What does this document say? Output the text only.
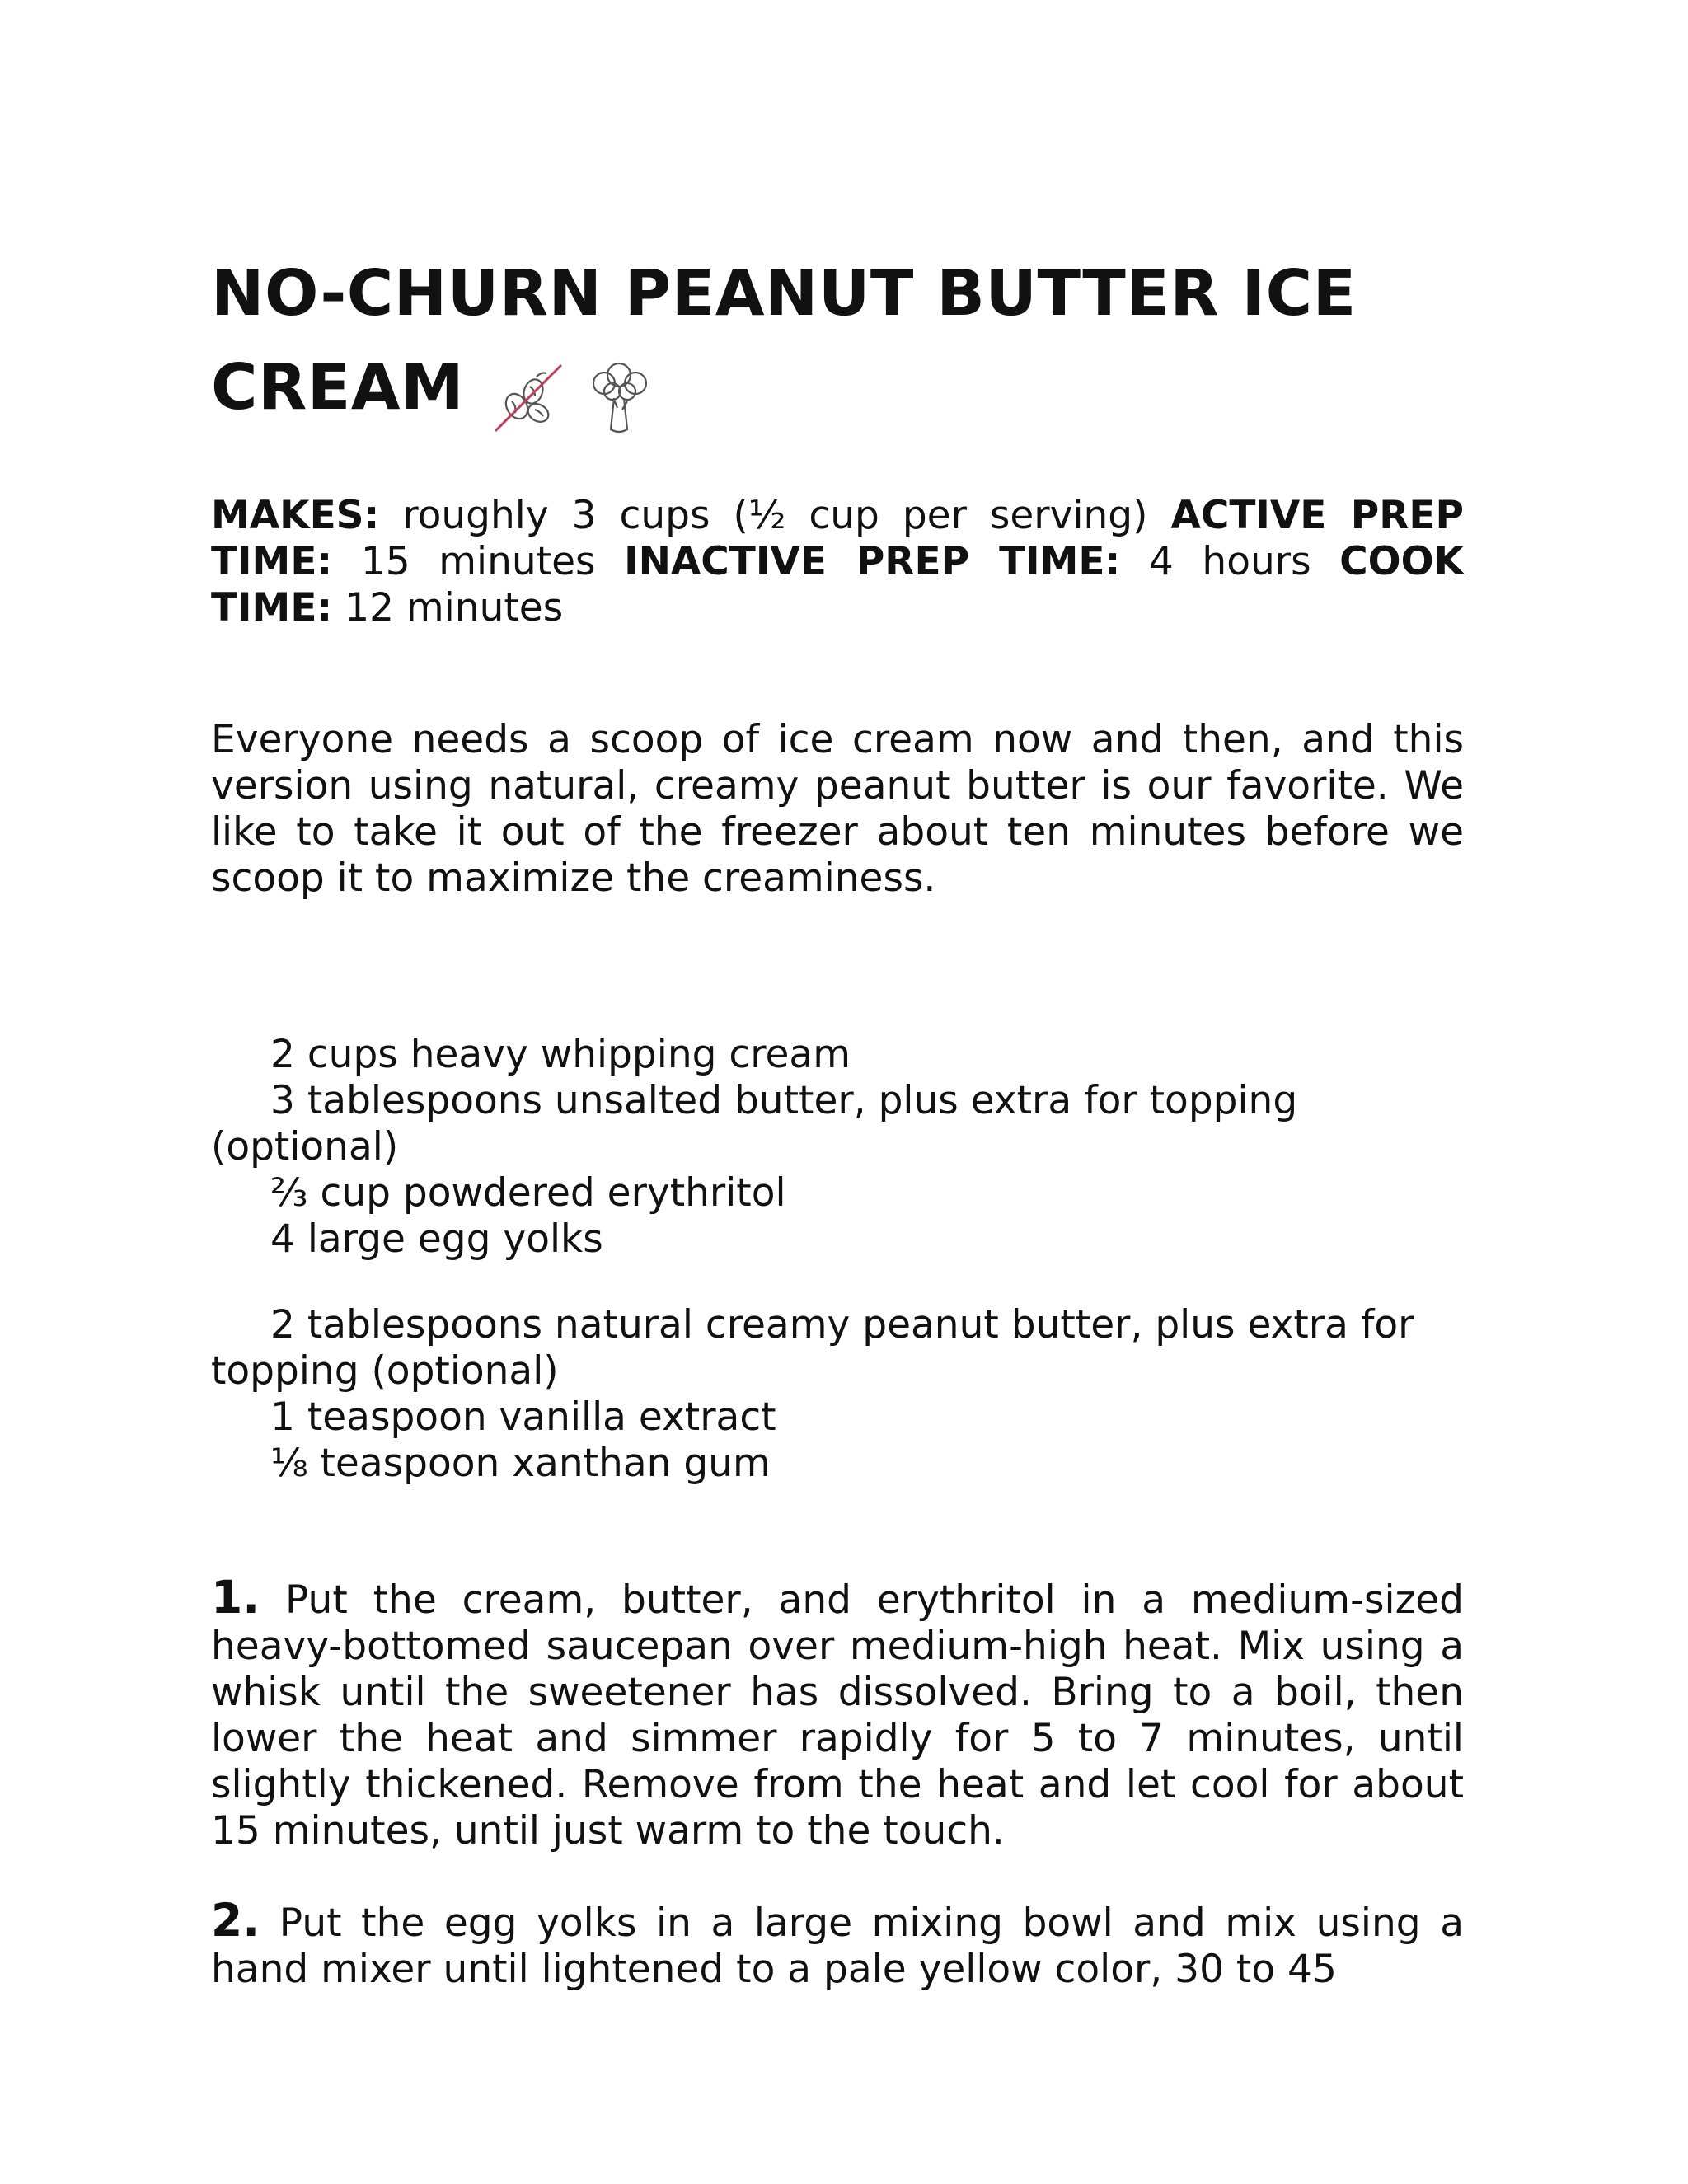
NO-CHURN PEANUT BUTTER ICE CREAM

MAKES: roughly 3 cups (½ cup per serving) ACTIVE PREP TIME: 15 minutes INACTIVE PREP TIME: 4 hours COOK TIME: 12 minutes

Everyone needs a scoop of ice cream now and then, and this version using natural, creamy peanut butter is our favorite. We like to take it out of the freezer about ten minutes before we scoop it to maximize the creaminess.

2 cups heavy whipping cream

3 tablespoons unsalted butter, plus extra for topping (optional)

⅔ cup powdered erythritol

4 large egg yolks

2 tablespoons natural creamy peanut butter, plus extra for topping (optional)

1 teaspoon vanilla extract

⅛ teaspoon xanthan gum

1. Put the cream, butter, and erythritol in a medium-sized heavy-bottomed saucepan over medium-high heat. Mix using a whisk until the sweetener has dissolved. Bring to a boil, then lower the heat and simmer rapidly for 5 to 7 minutes, until slightly thickened. Remove from the heat and let cool for about 15 minutes, until just warm to the touch.

2. Put the egg yolks in a large mixing bowl and mix using a hand mixer until lightened to a pale yellow color, 30 to 45
